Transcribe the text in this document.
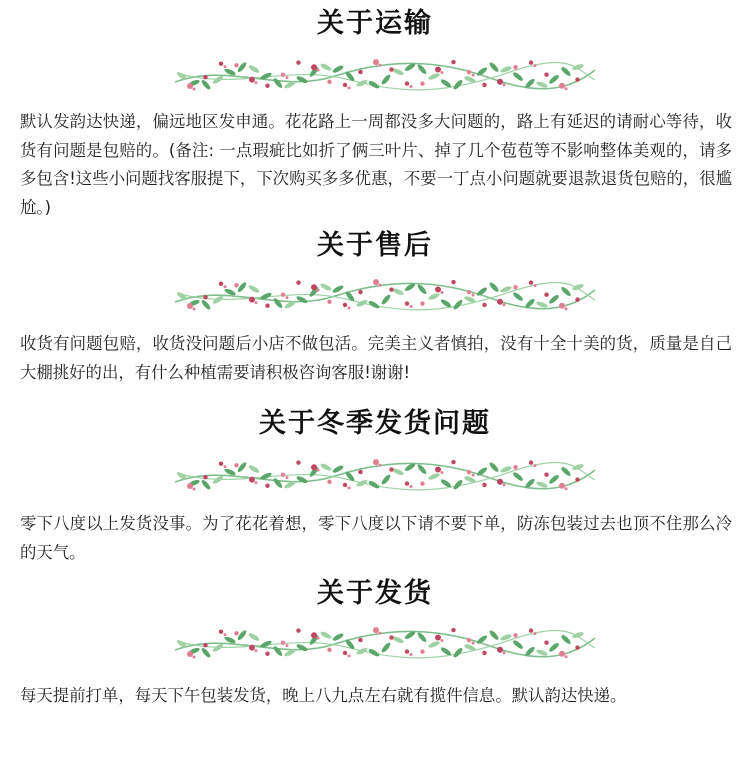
关于运输

默认发韵达快递，偏远地区发申通。花花路上一周都没多大问题的，路上有延迟的请耐心等待，收货有问题是包赔的。(备注: 一点瑕疵比如折了俩三叶片、掉了几个苞苞等不影响整体美观的，请多多包含!这些小问题找客服提下，下次购买多多优惠，不要一丁点小问题就要退款退货包赔的，很尴尬。)

关于售后

收货有问题包赔，收货没问题后小店不做包活。完美主义者慎拍，没有十全十美的货，质量是自己大棚挑好的出，有什么种植需要请积极咨询客服!谢谢!

关于冬季发货问题

零下八度以上发货没事。为了花花着想，零下八度以下请不要下单，防冻包装过去也顶不住那么冷的天气。

关于发货

每天提前打单，每天下午包装发货，晚上八九点左右就有揽件信息。默认韵达快递。
